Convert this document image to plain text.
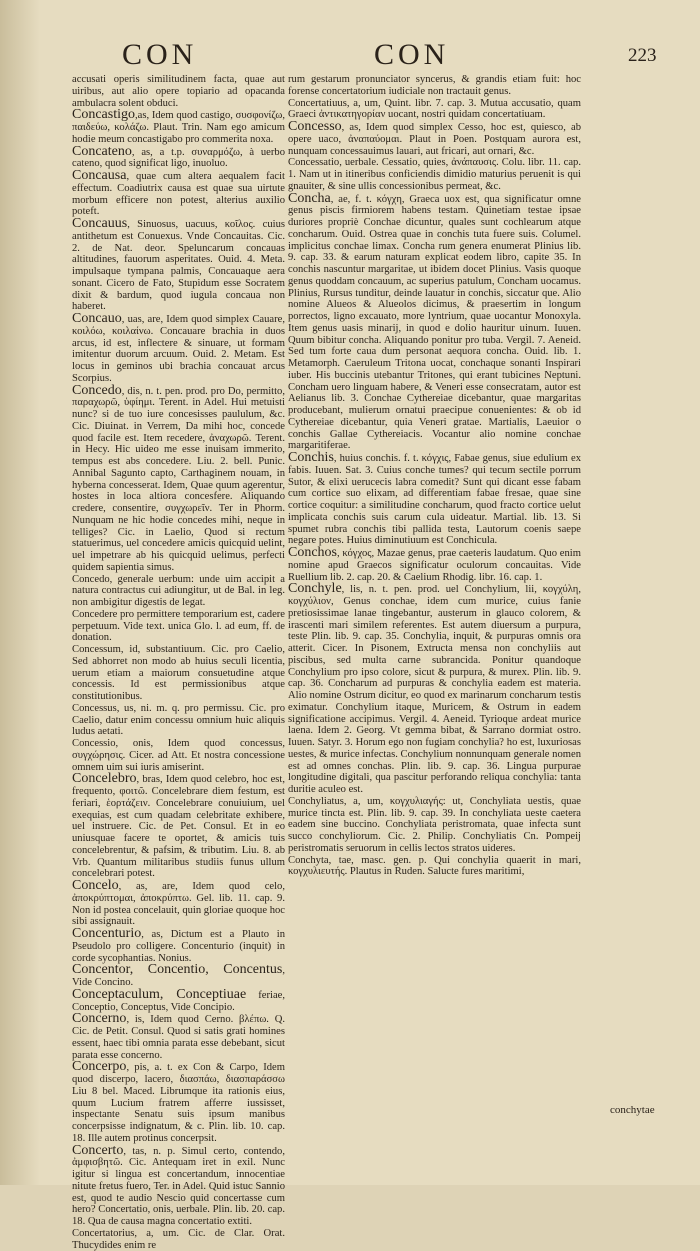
CON	CON	223
accusati operis similitudinem facta, quae aut uiribus, aut alio opere topiario ad opacanda ambulacra solent obduci.
Concastigo,as, Idem quod castigo, συσφονίζω, παιδεύω, κολάζω. Plaut. Trin. Nam ego amicum hodie meum concastigabo pro commerita noxa.
Concateno, as, a t.p. συναρμόζω, à uerbo cateno, quod significat ligo, inuoluo.
Concausa, quae cum altera aequalem facit effectum. Coadiutrix causa est quae sua uirtute morbum efficere non potest, alterius auxilio poteft.
Concauus, Sinuosus, uacuus, κοῖλος. cuius antithetum est Conuexus. Vnde Concauitas. Cic. 2. de Nat. deor. Speluncarum concauas altitudines, fauorum asperitates. Ouid. 4. Meta. impulsaque tympana palmis, Concauaque aera sonant. Cicero de Fato, Stupidum esse Socratem dixit & bardum, quod iugula concaua non haberet.
Concauo, uas, are, Idem quod simplex Cauare, κοιλόω, κοιλαίνω. Concauare brachia in duos arcus, id est, inflectere & sinuare, ut formam imitentur duorum arcuum. Ouid. 2. Metam. Est locus in geminos ubi brachia concauat arcus Scorpius.
Concedo, dis, n. t. pen. prod. pro Do, permitto, παραχωρῶ, ὑφίημι. Terent. in Adel. Hui metuisti nunc? si de tuo iure concesisses paululum, &c. Cic. Diuinat. in Verrem, Da mihi hoc, concede quod facile est. Item recedere, ἀναχωρῶ. Terent. in Hecy. Hic uideo me esse inuisam immerito, tempus est abs concedere. Liu. 2. bell. Punic. Annibal Sagunto capto, Carthaginem nouam, in hyberna concesserat. Idem, Quae quum agerentur, hostes in loca altiora concesfere. Aliquando credere, consentire, συγχωρεῖν. Ter in Phorm. Nunquam ne hic hodie concedes mihi, neque in telliges? Cic. in Laelio, Quod si rectum statuerimus, uel concedere amicis quicquid uelint, uel impetrare ab his quicquid uelimus, perfecti quidem sapientia simus.
Concedo, generale uerbum: unde uim accipit a natura contractus cui adiungitur, ut de Bal. in leg. non ambigitur digestis de legat.
Concedere pro permittere temporarium est, cadere perpetuum. Vide text. unica Glo. l. ad eum, ff. de donation.
Concessum, id, substantiuum. Cic. pro Caelio, Sed abhorret non modo ab huius seculi licentia, uerum etiam a maiorum consuetudine atque concessis. Id est permissionibus atque constitutionibus.
Concessus, us, ni. m. q. pro permissu. Cic. pro Caelio, datur enim concessu omnium huic aliquis ludus aetati.
Concessio, onis, Idem quod concessus, συγχώρησις. Cicer. ad Att. Et nostra concessione omnem uim sui iuris amiserint.
Concelebro, bras, Idem quod celebro, hoc est, frequento, φοιτῶ. Concelebrare diem festum, est feriari, ἑορτάζειν. Concelebrare conuiuium, uel exequias, est cum quadam celebritate exhibere, uel instruere. Cic. de Pet. Consul. Et in eo uniusquae facere te oportet, & amicis tuis concelebrentur, & pafsim, & tributim. Liu. 8. ab Vrb. Quantum militaribus studiis funus ullum concelebrari potest.
Concelo, as, are, Idem quod celo, ἀποκρύπτομαι, ἀποκρύπτω. Gel. lib. 11. cap. 9. Non id postea concelauit, quin gloriae quoque hoc sibi assignauit.
Concenturio, as, Dictum est a Plauto in Pseudolo pro colligere. Concenturio (inquit) in corde sycophantias. Nonius.
Concentor, Concentio, Concentus, Vide Concino.
Conceptaculum, Conceptiuae feriae, Conceptio, Conceptus, Vide Concipio.
Concerno, is, Idem quod Cerno. βλέπω. Q. Cic. de Petit. Consul. Quod si satis grati homines essent, haec tibi omnia parata esse debebant, sicut parata esse concerno.
Concerpo, pis, a. t. ex Con & Carpo, Idem quod discerpo, lacero, διασπάω, διασπαράσσω Liu 8 bel. Maced. Librumque ita rationis eius, quum Lucium fratrem afferre iussisset, inspectante Senatu suis ipsum manibus concerpsisse indignatum, & c. Plin. lib. 10. cap. 18. Ille autem protinus concerpsit.
Concerto, tas, n. p. Simul certo, contendo, ἀμφισβητῶ. Cic. Antequam iret in exil. Nunc igitur si lingua est concertandum, innocentiae nitute fretus fuero, Ter. in Adel. Quid istuc Sannio est, quod te audio Nescio quid concertasse cum hero? Concertatio, onis, uerbale. Plin. lib. 20. cap. 18. Qua de causa magna concertatio extiti.
Concertatorius, a, um. Cic. de Clar. Orat. Thucydides enim re
rum gestarum pronunciator syncerus, & grandis etiam fuit: hoc forense concertatorium iudiciale non tractauit genus.
Concertatiuus, a, um, Quint. libr. 7. cap. 3. Mutua accusatio, quam Graeci ἀντικατηγορίαν uocant, nostri quidam concertatiuam.
Concesso, as, Idem quod simplex Cesso, hoc est, quiesco, ab opere uaco, ἀναπαύομαι. Plaut in Poen. Postquam aurora est, nunquam concessauimus lauari, aut fricari, aut ornari, &c.
Concessatio, uerbale. Cessatio, quies, ἀνάπαυσις. Colu. libr. 11. cap. 1. Nam ut in itineribus conficiendis dimidio maturius peruenit is qui gnauiter, & sine ullis concessionibus permeat, &c.
Concha, ae, f. t. κόγχη, Graeca uox est, qua significatur omne genus piscis firmiorem habens testam. Quinetiam testae ipsae duriores propriè Conchae dicuntur, quales sunt cochlearum atque concharum. Ouid. Ostrea quae in conchis tuta fuere suis. Columel. implicitus conchae limax. Concha rum genera enumerat Plinius lib. 9. cap. 33. & earum naturam explicat eodem libro, capite 35. In conchis nascuntur margaritae, ut ibidem docet Plinius. Vasis quoque genus quoddam concauum, ac superius patulum, Concham uocamus. Plinius, Rursus tunditur, deinde lauatur in conchis, siccatur que. Alio nomine Alueos & Alueolos dicimus, & praesertim in longum porrectos, ligno excauato, more lyntrium, quae uocantur Monoxyla. Item genus uasis minarij, in quod e dolio hauritur uinum. Iuuen. Quum bibitur concha. Aliquando ponitur pro tuba. Vergil. 7. Aeneid. Sed tum forte caua dum personat aequora concha. Ouid. lib. 1. Metamorph. Caeruleum Tritona uocat, conchaque sonanti Inspirari iuber. His buccinis utebantur Tritones, qui erant tubicines Neptuni. Concham uero linguam habere, & Veneri esse consecratam, autor est Aelianus lib. 3. Conchae Cythereiae dicebantur, quae margaritas producebant, mulierum ornatui praecipue conuenientes: & ob id Cythereiae dicebantur, quia Veneri gratae. Martialis, Laeuior o conchis Gallae Cythereiacis. Vocantur alio nomine conchae margaritiferae.
Conchis, huius conchis. f. t. κόγχις, Fabae genus, siue edulium ex fabis. Iuuen. Sat. 3. Cuius conche tumes? qui tecum sectile porrum Sutor, & elixi uerucecis labra comedit? Sunt qui dicant esse fabam cum cortice suo elixam, ad differentiam fabae fresae, quae sine cortice coquitur: a similitudine concharum, quod fracto cortice uelut implicata conchis suis carum cula uideatur. Martial. lib. 13. Si spumet rubra conchis tibi pallida testa, Lautorum coenis saepe negare potes. Huius diminutiuum est Conchicula.
Conchos, κόγχος, Mazae genus, prae caeteris laudatum. Quo enim nomine apud Graecos significatur oculorum concauitas. Vide Ruellium lib. 2. cap. 20. & Caelium Rhodig. libr. 16. cap. 1.
Conchyle, lis, n. t. pen. prod. uel Conchylium, lii, κογχύλη, κογχύλιον, Genus conchae, idem cum murice, cuius fanie pretiosissimae lanae tingebantur, austerum in glauco colorem, & irascenti mari similem referentes. Est autem diuersum a purpura, teste Plin. lib. 9. cap. 35. Conchylia, inquit, & purpuras omnis ora atterit. Cicer. In Pisonem, Extructa mensa non conchyliis aut piscibus, sed multa carne subrancida. Ponitur quandoque Conchylium pro ipso colore, sicut & purpura, & murex. Plin. lib. 9. cap. 36. Concharum ad purpuras & conchylia eadem est materia. Alio nomine Ostrum dicitur, eo quod ex marinarum concharum testis eximatur. Conchylium itaque, Muricem, & Ostrum in eadem significatione accipimus. Vergil. 4. Aeneid. Tyrioque ardeat murice laena. Idem 2. Georg. Vt gemma bibat, & Sarrano dormiat ostro. Iuuen. Satyr. 3. Horum ego non fugiam conchylia? ho est, luxuriosas uestes, & murice infectas. Conchylium nonnunquam generale nomen est ad omnes conchas. Plin. lib. 9. cap. 36. Lingua purpurae longitudine digitali, qua pascitur perforando reliqua conchylia: tanta duritie aculeo est.
Conchyliatus, a, um, κογχυλιαγής: ut, Conchyliata uestis, quae murice tincta est. Plin. lib. 9. cap. 39. In conchyliata ueste caetera eadem sine buccino. Conchyliata peristromata, quae infecta sunt succo conchyliorum. Cic. 2. Philip. Conchyliatis Cn. Pompeij peristromatis seruorum in cellis lectos stratos uideres.
Conchyta, tae, masc. gen. p. Qui conchylia quaerit in mari, κογχυλιευτής. Plautus in Ruden. Salucte fures maritimi,
conchytae
